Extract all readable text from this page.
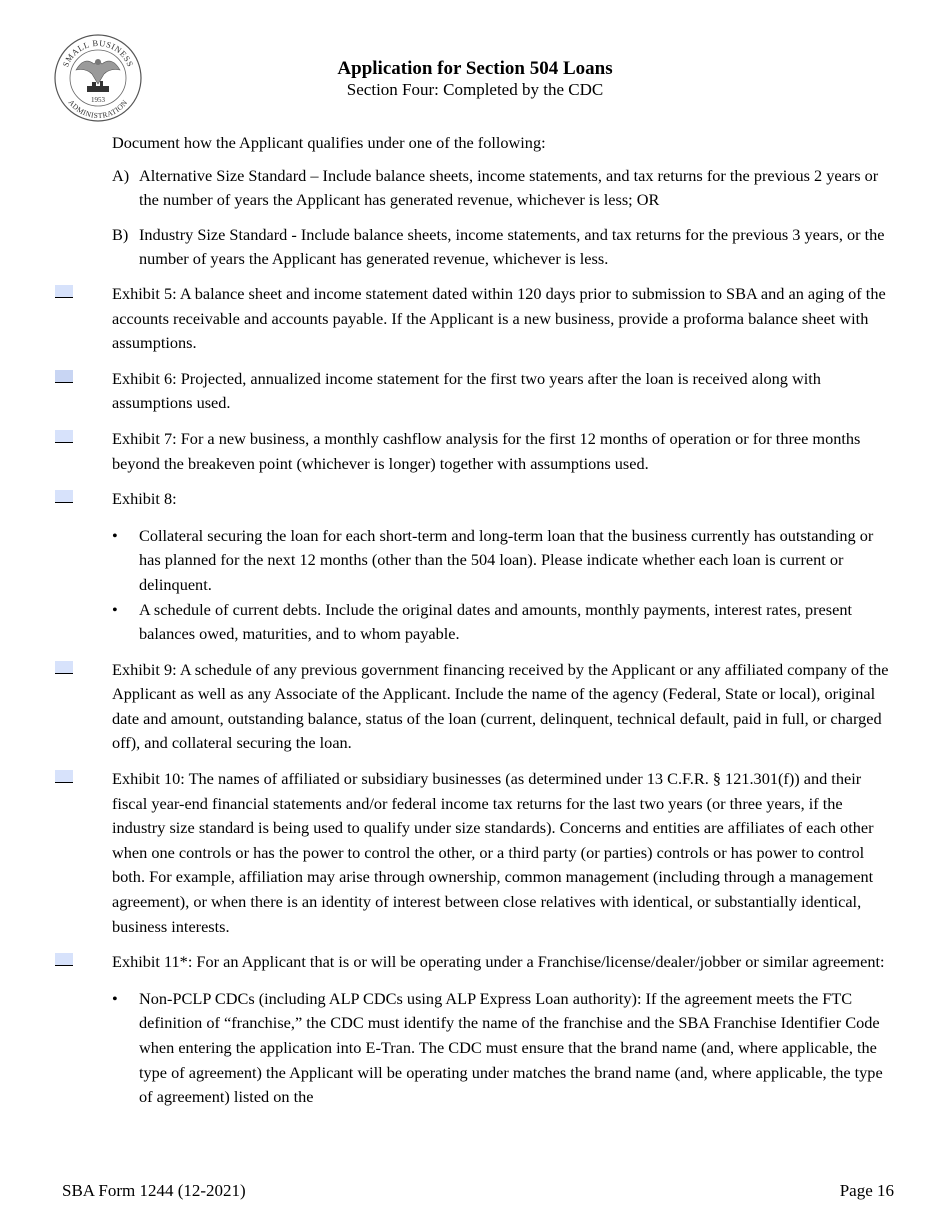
SMALL BUSINESS
ADMINISTRATION
1953
Application for Section 504 Loans
Section Four: Completed by the CDC

Document how the Applicant qualifies under one of the following:

A) Alternative Size Standard – Include balance sheets, income statements, and tax returns for the previous 2 years or the number of years the Applicant has generated revenue, whichever is less; OR
B) Industry Size Standard - Include balance sheets, income statements, and tax returns for the previous 3 years, or the number of years the Applicant has generated revenue, whichever is less.

Exhibit 5: A balance sheet and income statement dated within 120 days prior to submission to SBA and an aging of the accounts receivable and accounts payable. If the Applicant is a new business, provide a proforma balance sheet with assumptions.

Exhibit 6: Projected, annualized income statement for the first two years after the loan is received along with assumptions used.

Exhibit 7: For a new business, a monthly cashflow analysis for the first 12 months of operation or for three months beyond the breakeven point (whichever is longer) together with assumptions used.

Exhibit 8:

• Collateral securing the loan for each short-term and long-term loan that the business currently has outstanding or has planned for the next 12 months (other than the 504 loan). Please indicate whether each loan is current or delinquent.
• A schedule of current debts. Include the original dates and amounts, monthly payments, interest rates, present balances owed, maturities, and to whom payable.

Exhibit 9: A schedule of any previous government financing received by the Applicant or any affiliated company of the Applicant as well as any Associate of the Applicant. Include the name of the agency (Federal, State or local), original date and amount, outstanding balance, status of the loan (current, delinquent, technical default, paid in full, or charged off), and collateral securing the loan.

Exhibit 10: The names of affiliated or subsidiary businesses (as determined under 13 C.F.R. § 121.301(f)) and their fiscal year-end financial statements and/or federal income tax returns for the last two years (or three years, if the industry size standard is being used to qualify under size standards). Concerns and entities are affiliates of each other when one controls or has the power to control the other, or a third party (or parties) controls or has power to control both. For example, affiliation may arise through ownership, common management (including through a management agreement), or when there is an identity of interest between close relatives with identical, or substantially identical, business interests.

Exhibit 11*: For an Applicant that is or will be operating under a Franchise/license/dealer/jobber or similar agreement:

• Non-PCLP CDCs (including ALP CDCs using ALP Express Loan authority): If the agreement meets the FTC definition of “franchise,” the CDC must identify the name of the franchise and the SBA Franchise Identifier Code when entering the application into E-Tran. The CDC must ensure that the brand name (and, where applicable, the type of agreement) the Applicant will be operating under matches the brand name (and, where applicable, the type of agreement) listed on the
SBA Form 1244 (12-2021)	Page 16
